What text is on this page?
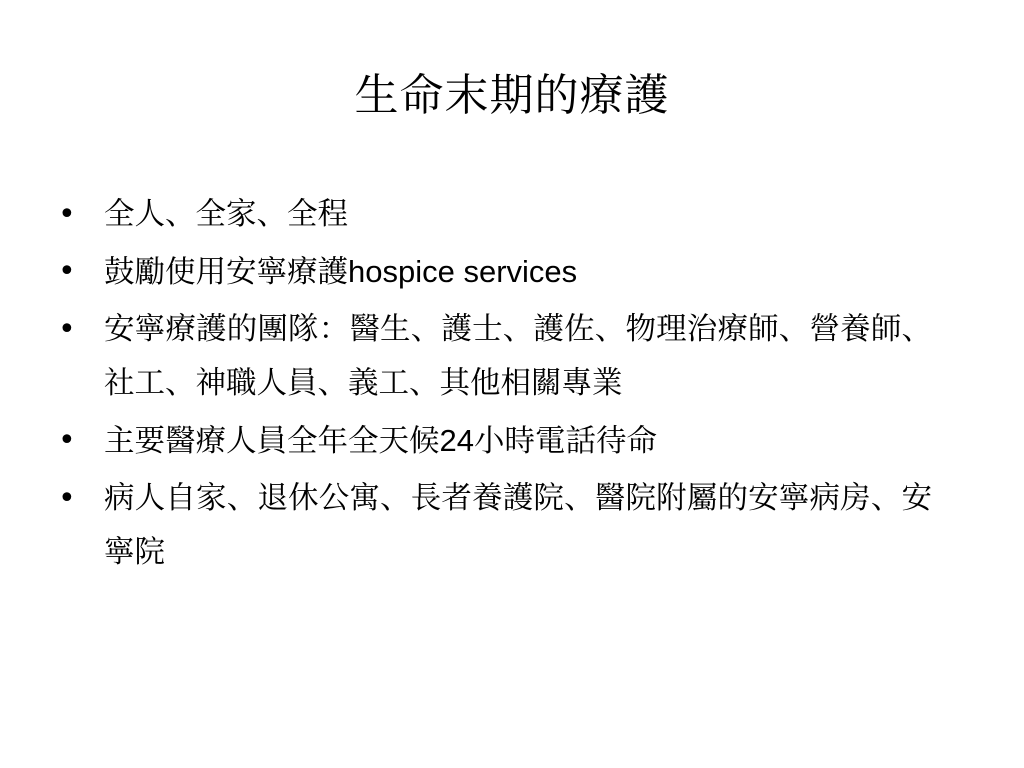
生命末期的療護
• 全人、全家、全程
• 鼓勵使用安寧療護hospice services
• 安寧療護的團隊：醫生、護士、護佐、物理治療師、營養師、社工、神職人員、義工、其他相關專業
• 主要醫療人員全年全天候24小時電話待命
• 病人自家、退休公寓、長者養護院、醫院附屬的安寧病房、安寧院
